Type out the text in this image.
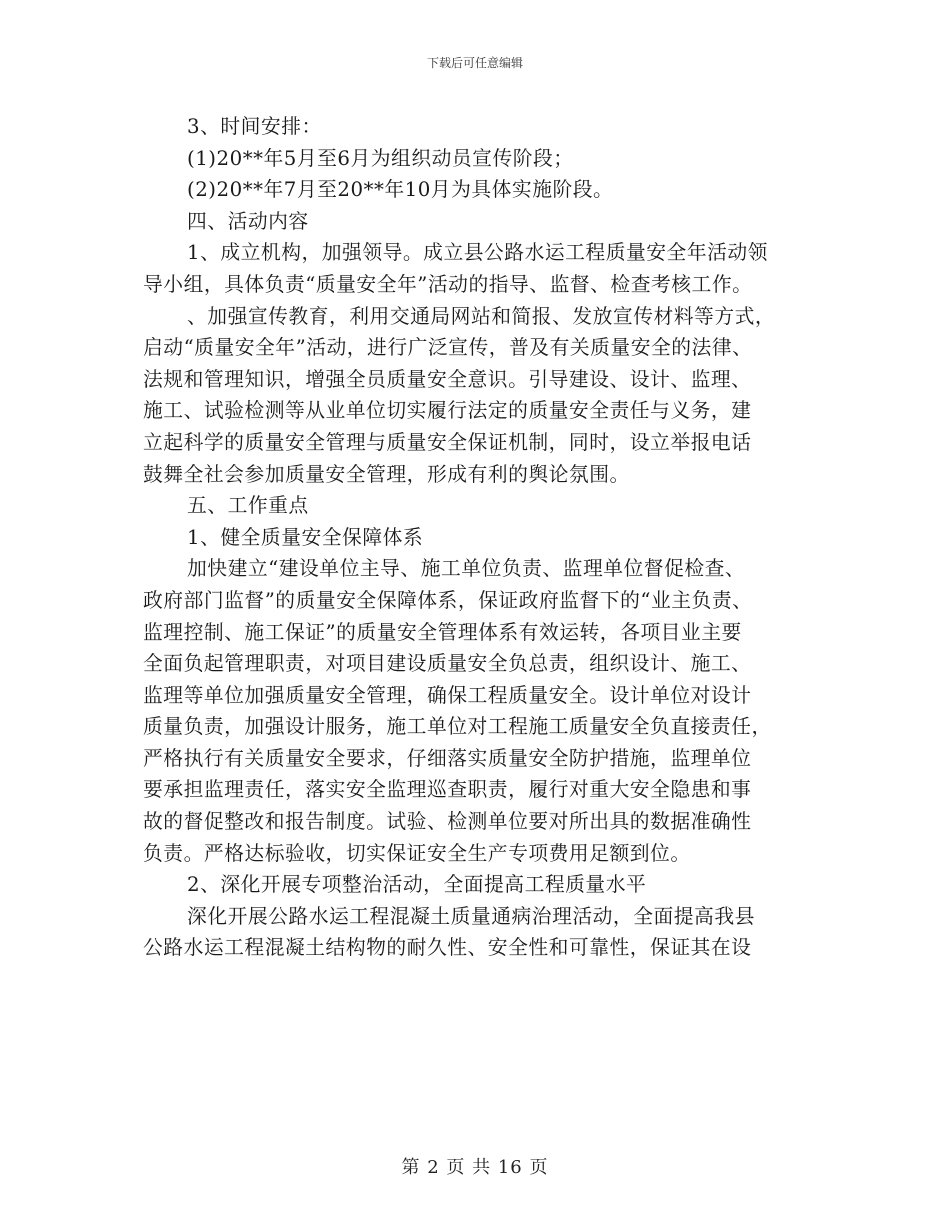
下载后可任意编辑
3、时间安排：
(1)20**年5月至6月为组织动员宣传阶段；
(2)20**年7月至20**年10月为具体实施阶段。
四、活动内容
1、成立机构，加强领导。成立县公路水运工程质量安全年活动领
导小组，具体负责“质量安全年”活动的指导、监督、检查考核工作。
、加强宣传教育，利用交通局网站和简报、发放宣传材料等方式，
启动“质量安全年”活动，进行广泛宣传，普及有关质量安全的法律、
法规和管理知识，增强全员质量安全意识。引导建设、设计、监理、
施工、试验检测等从业单位切实履行法定的质量安全责任与义务，建
立起科学的质量安全管理与质量安全保证机制，同时，设立举报电话
鼓舞全社会参加质量安全管理，形成有利的舆论氛围。
五、工作重点
1、健全质量安全保障体系
加快建立“建设单位主导、施工单位负责、监理单位督促检查、
政府部门监督”的质量安全保障体系，保证政府监督下的“业主负责、
监理控制、施工保证”的质量安全管理体系有效运转，各项目业主要
全面负起管理职责，对项目建设质量安全负总责，组织设计、施工、
监理等单位加强质量安全管理，确保工程质量安全。设计单位对设计
质量负责，加强设计服务，施工单位对工程施工质量安全负直接责任，
严格执行有关质量安全要求，仔细落实质量安全防护措施，监理单位
要承担监理责任，落实安全监理巡查职责，履行对重大安全隐患和事
故的督促整改和报告制度。试验、检测单位要对所出具的数据准确性
负责。严格达标验收，切实保证安全生产专项费用足额到位。
2、深化开展专项整治活动，全面提高工程质量水平
深化开展公路水运工程混凝土质量通病治理活动，全面提高我县
公路水运工程混凝土结构物的耐久性、安全性和可靠性，保证其在设
第 2 页 共 16 页
